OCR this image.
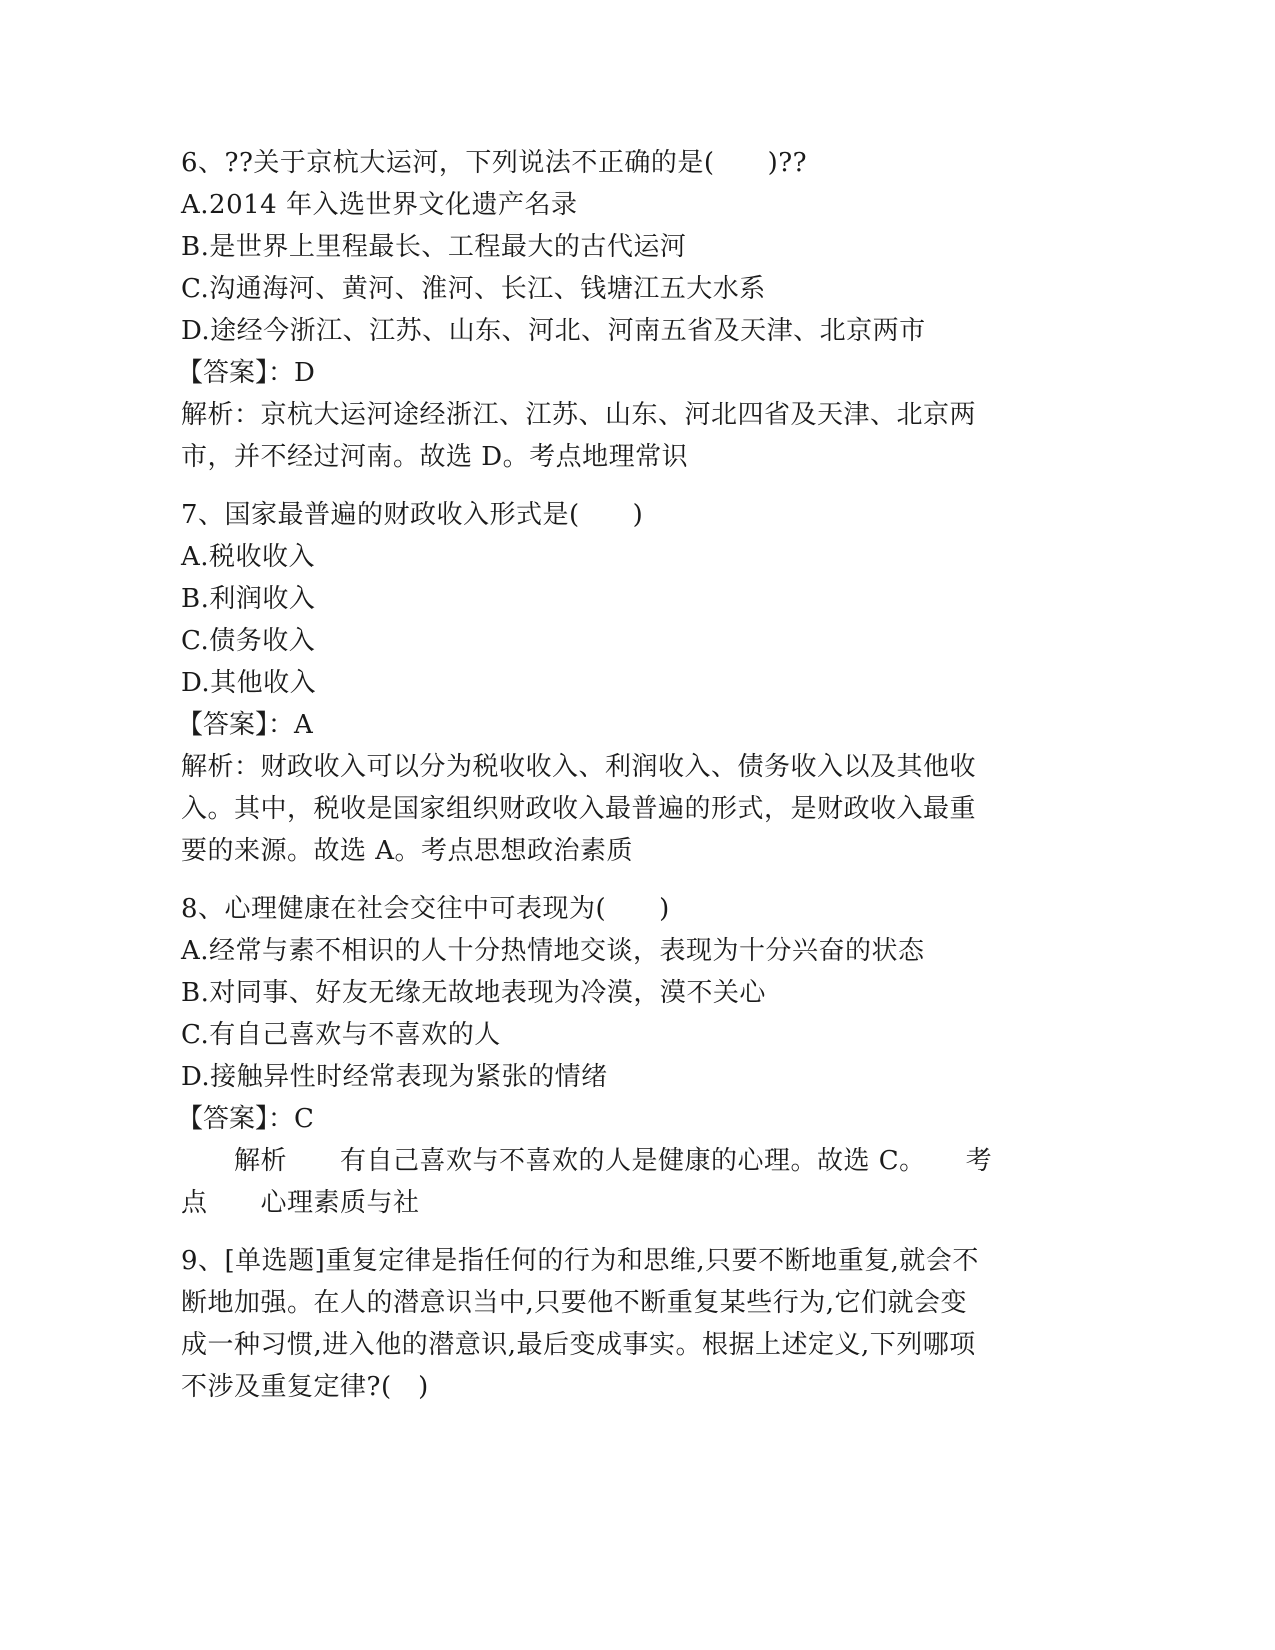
6、??关于京杭大运河，下列说法不正确的是(　　)??
A.2014 年入选世界文化遗产名录
B.是世界上里程最长、工程最大的古代运河
C.沟通海河、黄河、淮河、长江、钱塘江五大水系
D.途经今浙江、江苏、山东、河北、河南五省及天津、北京两市
【答案】：D
解析：京杭大运河途经浙江、江苏、山东、河北四省及天津、北京两
市，并不经过河南。故选 D。考点地理常识
7、国家最普遍的财政收入形式是(　　)
A.税收收入
B.利润收入
C.债务收入
D.其他收入
【答案】：A
解析：财政收入可以分为税收收入、利润收入、债务收入以及其他收
入。其中，税收是国家组织财政收入最普遍的形式，是财政收入最重
要的来源。故选 A。考点思想政治素质
8、心理健康在社会交往中可表现为(　　)
A.经常与素不相识的人十分热情地交谈，表现为十分兴奋的状态
B.对同事、好友无缘无故地表现为冷漠，漠不关心
C.有自己喜欢与不喜欢的人
D.接触异性时经常表现为紧张的情绪
【答案】：C
　　解析　　有自己喜欢与不喜欢的人是健康的心理。故选 C。　　考
点　　心理素质与社
9、[单选题]重复定律是指任何的行为和思维,只要不断地重复,就会不
断地加强。在人的潜意识当中,只要他不断重复某些行为,它们就会变
成一种习惯,进入他的潜意识,最后变成事实。根据上述定义,下列哪项
不涉及重复定律?(　)
